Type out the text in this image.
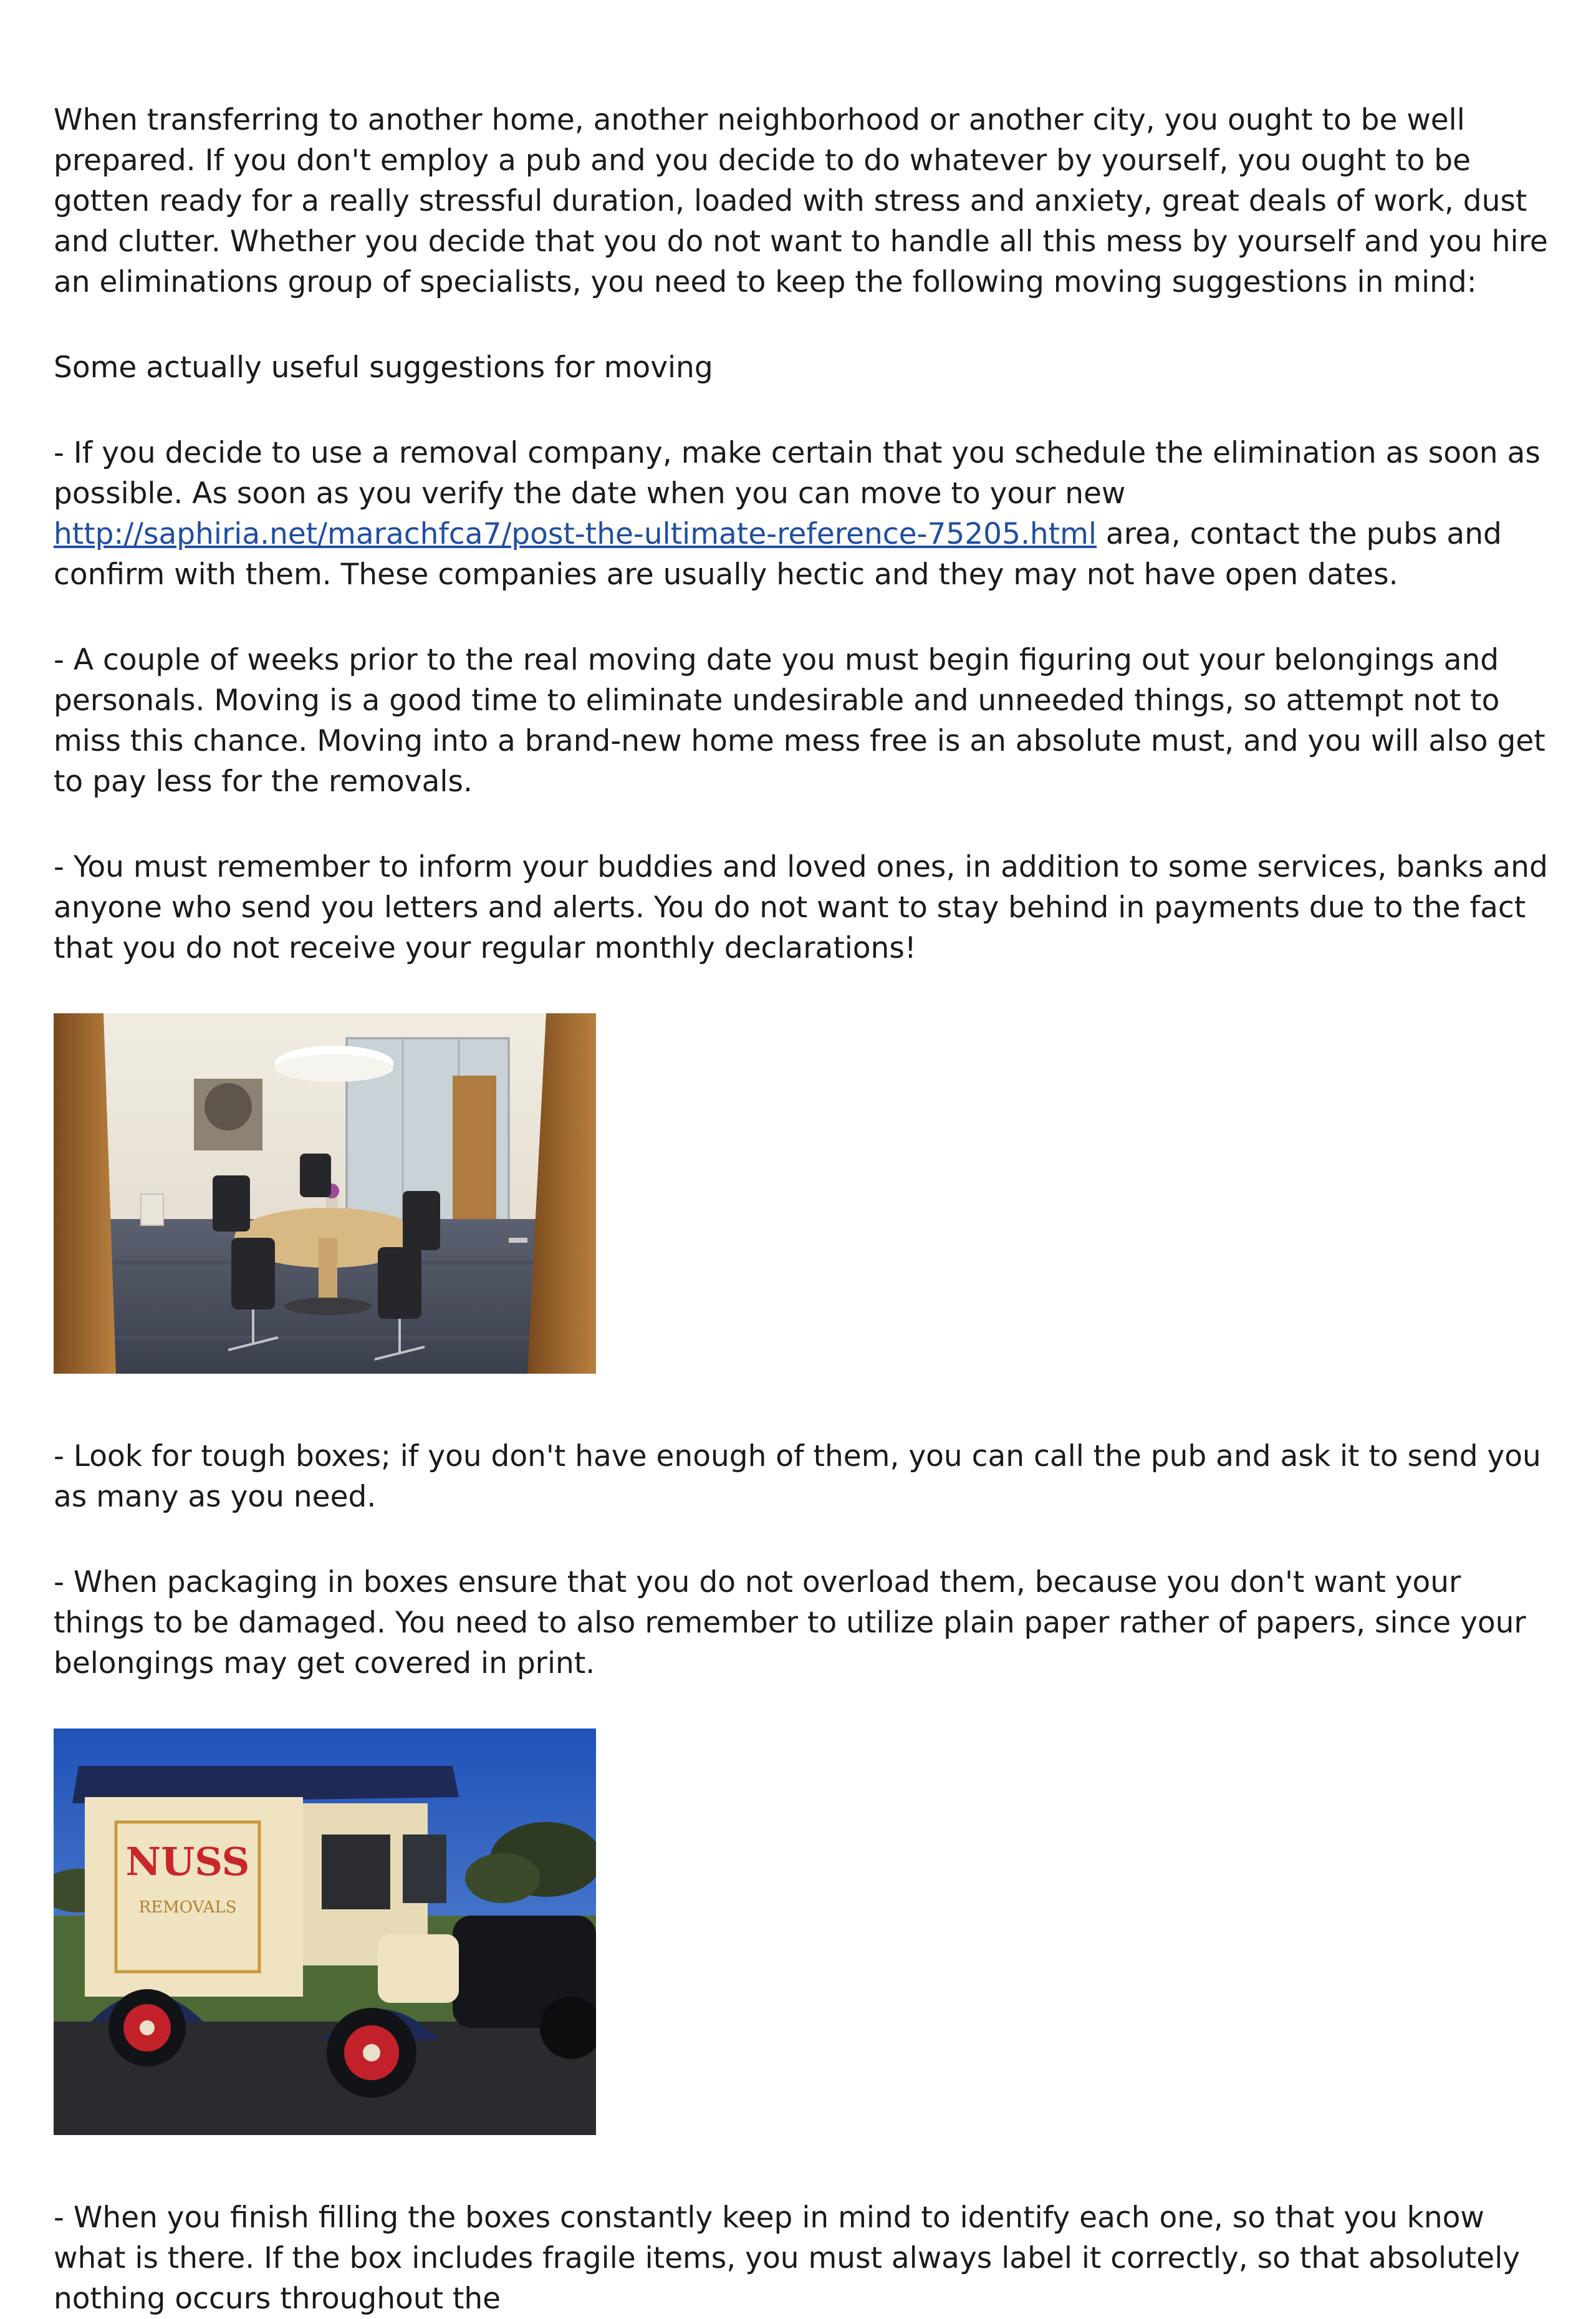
When transferring to another home, another neighborhood or another city, you ought to be well prepared. If you don't employ a pub and you decide to do whatever by yourself, you ought to be gotten ready for a really stressful duration, loaded with stress and anxiety, great deals of work, dust and clutter. Whether you decide that you do not want to handle all this mess by yourself and you hire an eliminations group of specialists, you need to keep the following moving suggestions in mind:

Some actually useful suggestions for moving

- If you decide to use a removal company, make certain that you schedule the elimination as soon as possible. As soon as you verify the date when you can move to your new http://saphiria.net/marachfca7/post-the-ultimate-reference-75205.html area, contact the pubs and confirm with them. These companies are usually hectic and they may not have open dates.

- A couple of weeks prior to the real moving date you must begin figuring out your belongings and personals. Moving is a good time to eliminate undesirable and unneeded things, so attempt not to miss this chance. Moving into a brand-new home mess free is an absolute must, and you will also get to pay less for the removals.

- You must remember to inform your buddies and loved ones, in addition to some services, banks and anyone who send you letters and alerts. You do not want to stay behind in payments due to the fact that you do not receive your regular monthly declarations!

- Look for tough boxes; if you don't have enough of them, you can call the pub and ask it to send you as many as you need.

- When packaging in boxes ensure that you do not overload them, because you don't want your things to be damaged. You need to also remember to utilize plain paper rather of papers, since your belongings may get covered in print.

NUSS
REMOVALS

- When you finish filling the boxes constantly keep in mind to identify each one, so that you know what is there. If the box includes fragile items, you must always label it correctly, so that absolutely nothing occurs throughout the
